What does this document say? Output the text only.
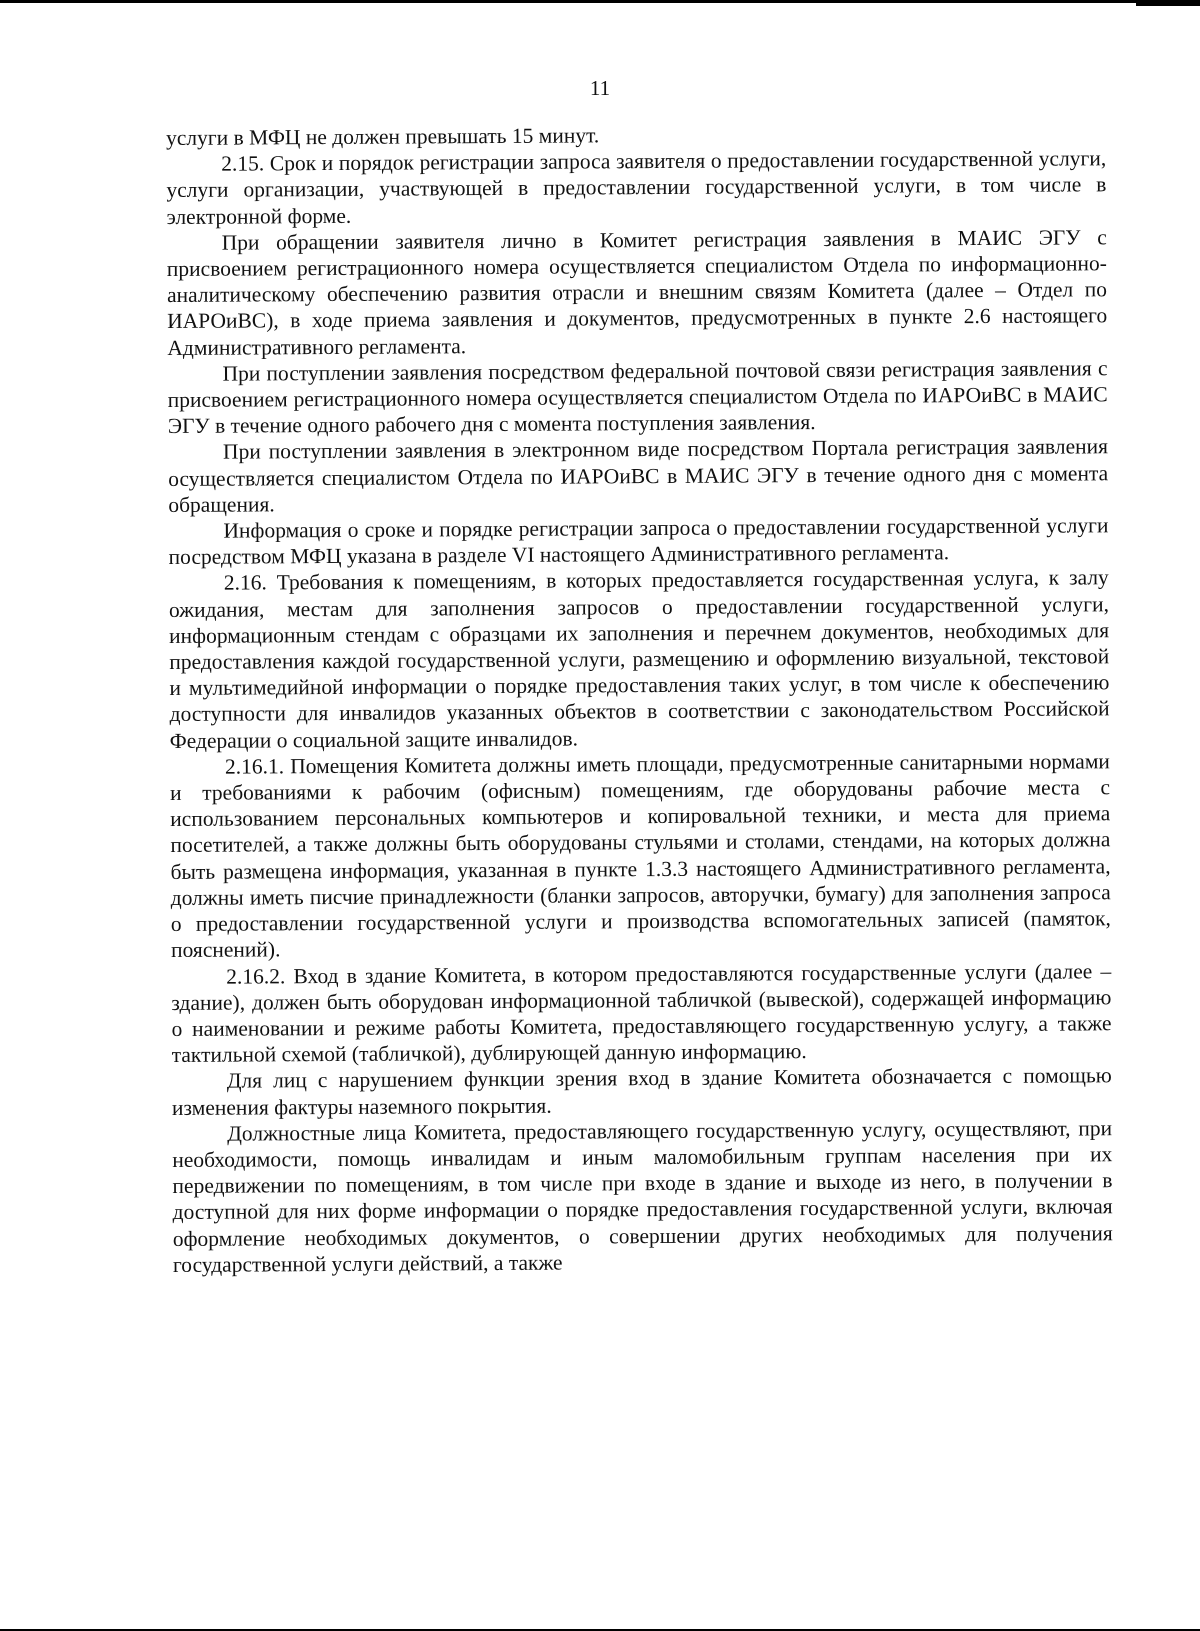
11

услуги в МФЦ не должен превышать 15 минут.

2.15. Срок и порядок регистрации запроса заявителя о предоставлении государственной услуги, услуги организации, участвующей в предоставлении государственной услуги, в том числе в электронной форме.

При обращении заявителя лично в Комитет регистрация заявления в МАИС ЭГУ с присвоением регистрационного номера осуществляется специалистом Отдела по информационно-аналитическому обеспечению развития отрасли и внешним связям Комитета (далее – Отдел по ИАРОиВС), в ходе приема заявления и документов, предусмотренных в пункте 2.6 настоящего Административного регламента.

При поступлении заявления посредством федеральной почтовой связи регистрация заявления с присвоением регистрационного номера осуществляется специалистом Отдела по ИАРОиВС в МАИС ЭГУ в течение одного рабочего дня с момента поступления заявления.

При поступлении заявления в электронном виде посредством Портала регистрация заявления осуществляется специалистом Отдела по ИАРОиВС в МАИС ЭГУ в течение одного дня с момента обращения.

Информация о сроке и порядке регистрации запроса о предоставлении государственной услуги посредством МФЦ указана в разделе VI настоящего Административного регламента.

2.16. Требования к помещениям, в которых предоставляется государственная услуга, к залу ожидания, местам для заполнения запросов о предоставлении государственной услуги, информационным стендам с образцами их заполнения и перечнем документов, необходимых для предоставления каждой государственной услуги, размещению и оформлению визуальной, текстовой и мультимедийной информации о порядке предоставления таких услуг, в том числе к обеспечению доступности для инвалидов указанных объектов в соответствии с законодательством Российской Федерации о социальной защите инвалидов.

2.16.1. Помещения Комитета должны иметь площади, предусмотренные санитарными нормами и требованиями к рабочим (офисным) помещениям, где оборудованы рабочие места с использованием персональных компьютеров и копировальной техники, и места для приема посетителей, а также должны быть оборудованы стульями и столами, стендами, на которых должна быть размещена информация, указанная в пункте 1.3.3 настоящего Административного регламента, должны иметь писчие принадлежности (бланки запросов, авторучки, бумагу) для заполнения запроса о предоставлении государственной услуги и производства вспомогательных записей (памяток, пояснений).

2.16.2. Вход в здание Комитета, в котором предоставляются государственные услуги (далее – здание), должен быть оборудован информационной табличкой (вывеской), содержащей информацию о наименовании и режиме работы Комитета, предоставляющего государственную услугу, а также тактильной схемой (табличкой), дублирующей данную информацию.

Для лиц с нарушением функции зрения вход в здание Комитета обозначается с помощью изменения фактуры наземного покрытия.

Должностные лица Комитета, предоставляющего государственную услугу, осуществляют, при необходимости, помощь инвалидам и иным маломобильным группам населения при их передвижении по помещениям, в том числе при входе в здание и выходе из него, в получении в доступной для них форме информации о порядке предоставления государственной услуги, включая оформление необходимых документов, о совершении других необходимых для получения государственной услуги действий, а также
